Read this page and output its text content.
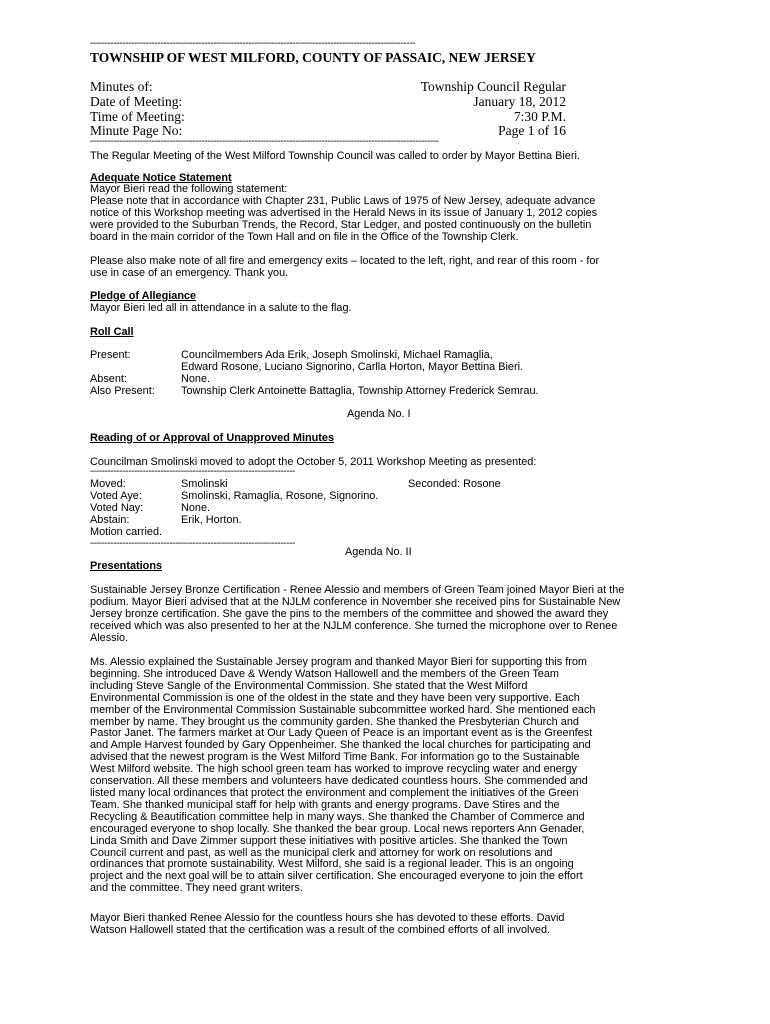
---------------------------------------------------------------------------------------------------------------
TOWNSHIP OF WEST MILFORD, COUNTY OF PASSAIC, NEW JERSEY
Minutes of:	Township Council Regular
Date of Meeting:	January 18, 2012
Time of Meeting:	7:30 P.M.
Minute Page No:	Page 1 of 16
-----------------------------------------------------------------------------------------------------------------------
The Regular Meeting of the West Milford Township Council was called to order by Mayor Bettina Bieri.
Adequate Notice Statement
Mayor Bieri read the following statement:
Please note that in accordance with Chapter 231, Public Laws of 1975 of New Jersey, adequate advance
notice of this Workshop meeting was advertised in the Herald News in its issue of January 1, 2012 copies
were provided to the Suburban Trends, the Record, Star Ledger, and posted continuously on the bulletin
board in the main corridor of the Town Hall and on file in the Office of the Township Clerk.
Please also make note of all fire and emergency exits – located to the left, right, and rear of this room - for
use in case of an emergency. Thank you.
Pledge of Allegiance
Mayor Bieri led all in attendance in a salute to the flag.
Roll Call
Present:	Councilmembers Ada Erik, Joseph Smolinski, Michael Ramaglia,
Edward Rosone, Luciano Signorino, Carlla Horton, Mayor Bettina Bieri.
Absent:	None.
Also Present: Township Clerk Antoinette Battaglia, Township Attorney Frederick Semrau.
Agenda No. I
Reading of or Approval of Unapproved Minutes
Councilman Smolinski moved to adopt the October 5, 2011 Workshop Meeting as presented:
----------------------------------------------------------------------
Moved:	Smolinski	Seconded: Rosone
Voted Aye:	Smolinski, Ramaglia, Rosone, Signorino.
Voted Nay:	None.
Abstain:	Erik, Horton.
Motion carried.
----------------------------------------------------------------------
Agenda No. II
Presentations
Sustainable Jersey Bronze Certification - Renee Alessio and members of Green Team joined Mayor Bieri at the
podium. Mayor Bieri advised that at the NJLM conference in November she received pins for Sustainable New
Jersey bronze certification. She gave the pins to the members of the committee and showed the award they
received which was also presented to her at the NJLM conference. She turned the microphone over to Renee
Alessio.
Ms. Alessio explained the Sustainable Jersey program and thanked Mayor Bieri for supporting this from
beginning. She introduced Dave & Wendy Watson Hallowell and the members of the Green Team
including Steve Sangle of the Environmental Commission. She stated that the West Milford
Environmental Commission is one of the oldest in the state and they have been very supportive. Each
member of the Environmental Commission Sustainable subcommittee worked hard. She mentioned each
member by name. They brought us the community garden. She thanked the Presbyterian Church and
Pastor Janet. The farmers market at Our Lady Queen of Peace is an important event as is the Greenfest
and Ample Harvest founded by Gary Oppenheimer. She thanked the local churches for participating and
advised that the newest program is the West Milford Time Bank. For information go to the Sustainable
West Milford website. The high school green team has worked to improve recycling water and energy
conservation. All these members and volunteers have dedicated countless hours. She commended and
listed many local ordinances that protect the environment and complement the initiatives of the Green
Team. She thanked municipal staff for help with grants and energy programs. Dave Stires and the
Recycling & Beautification committee help in many ways. She thanked the Chamber of Commerce and
encouraged everyone to shop locally. She thanked the bear group. Local news reporters Ann Genader,
Linda Smith and Dave Zimmer support these initiatives with positive articles. She thanked the Town
Council current and past, as well as the municipal clerk and attorney for work on resolutions and
ordinances that promote sustainability. West Milford, she said is a regional leader. This is an ongoing
project and the next goal will be to attain silver certification. She encouraged everyone to join the effort
and the committee. They need grant writers.
Mayor Bieri thanked Renee Alessio for the countless hours she has devoted to these efforts. David
Watson Hallowell stated that the certification was a result of the combined efforts of all involved.
